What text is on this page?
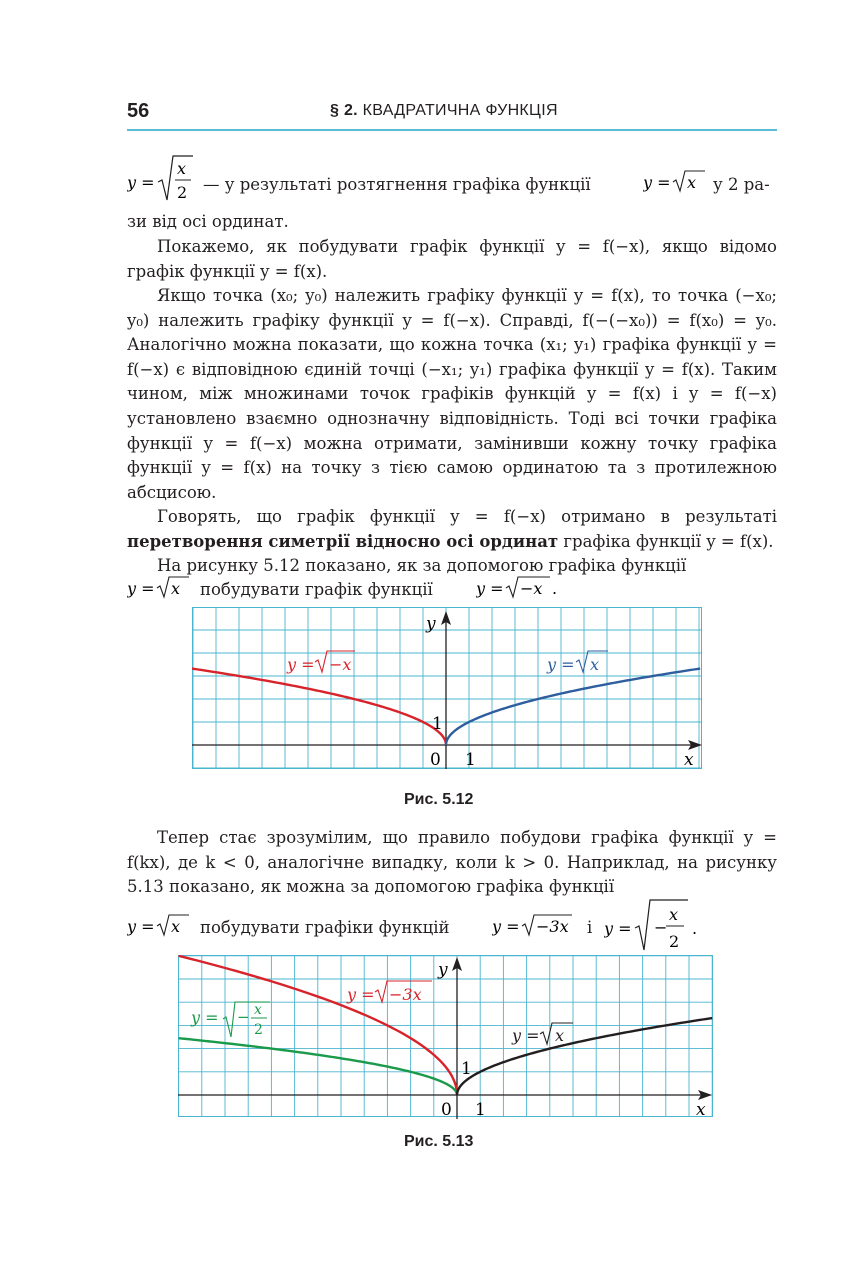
56	§ 2. КВАДРАТИЧНА ФУНКЦІЯ
y =
x
2 — у результаті розтягнення графіка функції	y = x у 2 ра-
зи від осі ординат.
Покажемо, як побудувати графік функції y = f(−x), якщо відомо графік функції y = f(x).
Якщо точка (x₀; y₀) належить графіку функції y = f(x), то точка (−x₀; y₀) належить графіку функції y = f(−x). Справді, f(−(−x₀)) = f(x₀) = y₀. Аналогічно можна показати, що кожна точка (x₁; y₁) графіка функції y = f(−x) є відповідною єдиній точці (−x₁; y₁) графіка функції y = f(x). Таким чином, між множинами точок графіків функцій y = f(x) і y = f(−x) установлено взаємно однозначну відповідність. Тоді всі точки графіка функції y = f(−x) можна отримати, замінивши кожну точку графіка функції y = f(x) на точку з тією самою ординатою та з протилежною абсцисою.
Говорять, що графік функції y = f(−x) отримано в результаті перетворення симетрії відносно осі ординат графіка функції y = f(x).
На рисунку 5.12 показано, як за допомогою графіка функції
y = x побудувати графік функції	y = −x .
y
x
0 1
1
y = −x	y = x
Рис. 5.12
Тепер стає зрозумілим, що правило побудови графіка функції y = f(kx), де k < 0, аналогічне випадку, коли k > 0. Наприклад, на рисунку 5.13 показано, як можна за допомогою графіка функції
y = x побудувати графіки функцій	y = −3x і y = −
x
2
.
y
x
0 1
1
y = −3x
y = − x
2	y = x
Рис. 5.13
